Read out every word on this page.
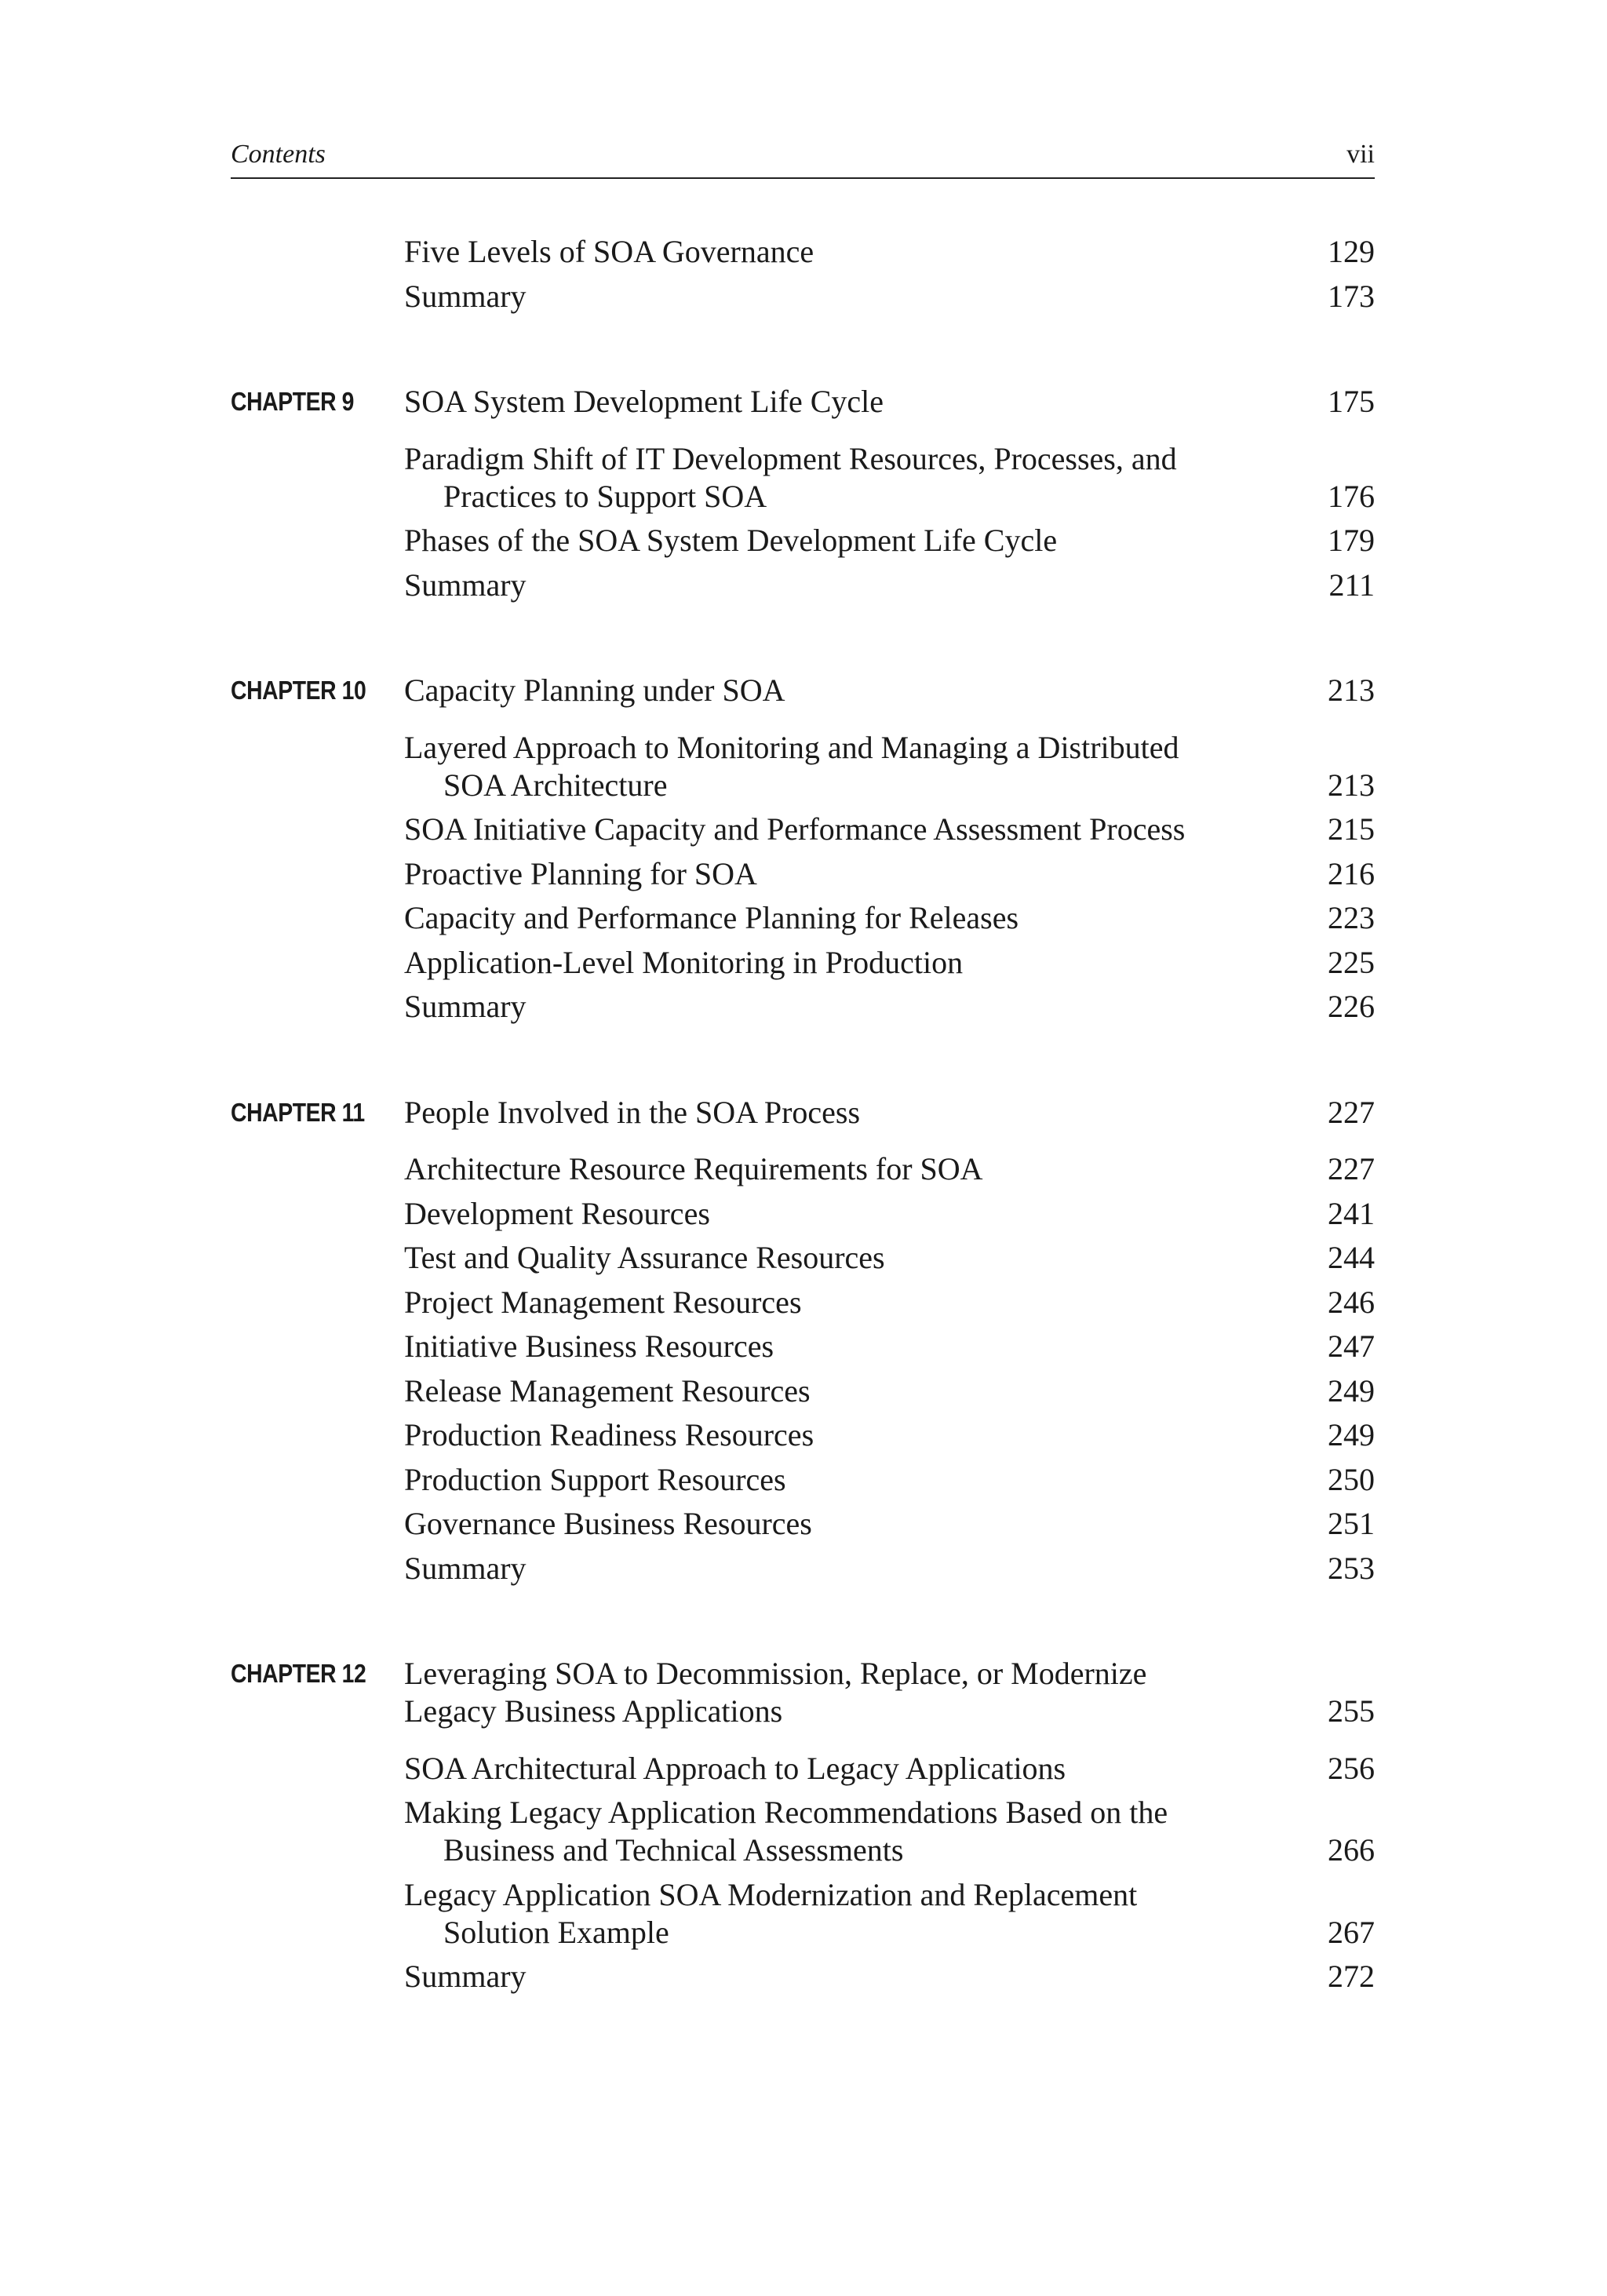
Contents	vii
Five Levels of SOA Governance	129
Summary	173
CHAPTER 9 SOA System Development Life Cycle	175
Paradigm Shift of IT Development Resources, Processes, and
Practices to Support SOA	176
Phases of the SOA System Development Life Cycle	179
Summary	211
CHAPTER 10 Capacity Planning under SOA	213
Layered Approach to Monitoring and Managing a Distributed
SOA Architecture	213
SOA Initiative Capacity and Performance Assessment Process	215
Proactive Planning for SOA	216
Capacity and Performance Planning for Releases	223
Application-Level Monitoring in Production	225
Summary	226
CHAPTER 11 People Involved in the SOA Process	227
Architecture Resource Requirements for SOA	227
Development Resources	241
Test and Quality Assurance Resources	244
Project Management Resources	246
Initiative Business Resources	247
Release Management Resources	249
Production Readiness Resources	249
Production Support Resources	250
Governance Business Resources	251
Summary	253
CHAPTER 12 Leveraging SOA to Decommission, Replace, or Modernize
Legacy Business Applications	255
SOA Architectural Approach to Legacy Applications	256
Making Legacy Application Recommendations Based on the
Business and Technical Assessments	266
Legacy Application SOA Modernization and Replacement
Solution Example	267
Summary	272
